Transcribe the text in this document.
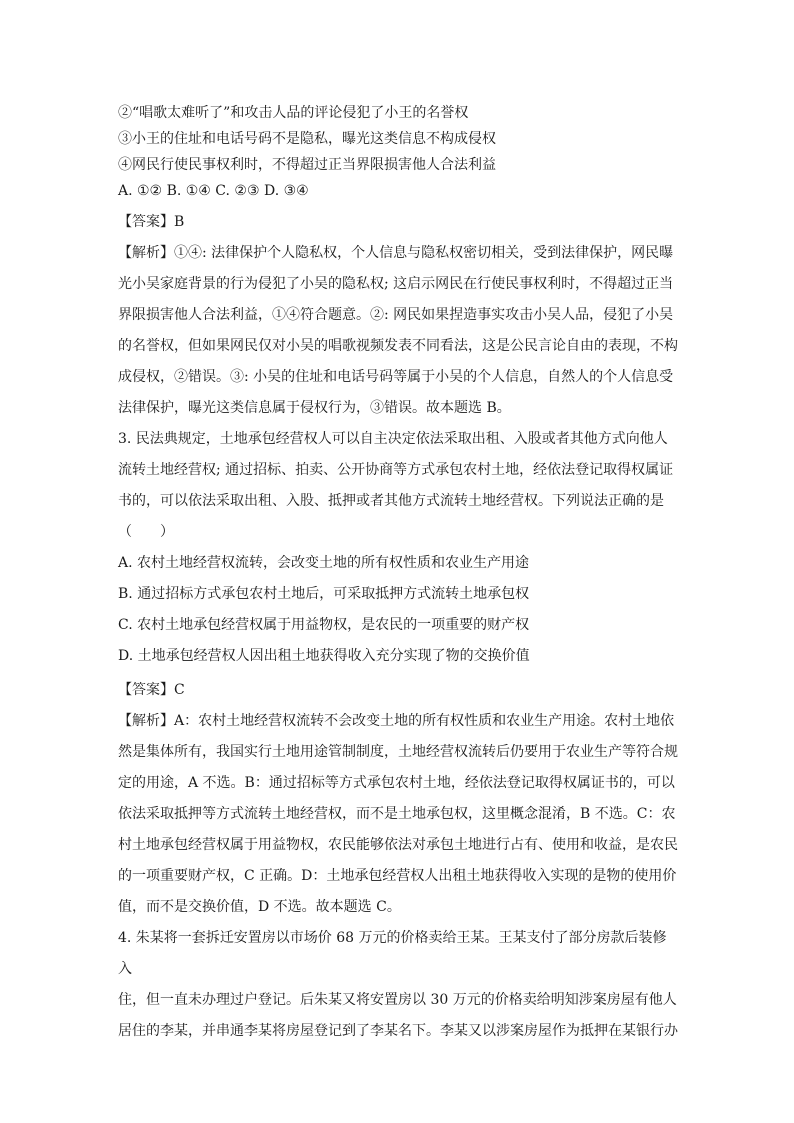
②“唱歌太难听了”和攻击人品的评论侵犯了小王的名誉权

③小王的住址和电话号码不是隐私，曝光这类信息不构成侵权

④网民行使民事权利时，不得超过正当界限损害他人合法利益

A. ①② B. ①④ C. ②③ D. ③④

【答案】B

【解析】①④: 法律保护个人隐私权，个人信息与隐私权密切相关，受到法律保护，网民曝

光小吴家庭背景的行为侵犯了小吴的隐私权; 这启示网民在行使民事权利时，不得超过正当

界限损害他人合法利益，①④符合题意。②: 网民如果捏造事实攻击小吴人品，侵犯了小吴

的名誉权，但如果网民仅对小吴的唱歌视频发表不同看法，这是公民言论自由的表现，不构

成侵权，②错误。③: 小吴的住址和电话号码等属于小吴的个人信息，自然人的个人信息受

法律保护，曝光这类信息属于侵权行为，③错误。故本题选 B。

3. 民法典规定，土地承包经营权人可以自主决定依法采取出租、入股或者其他方式向他人

流转土地经营权; 通过招标、拍卖、公开协商等方式承包农村土地，经依法登记取得权属证

书的，可以依法采取出租、入股、抵押或者其他方式流转土地经营权。下列说法正确的是

（　　）

A. 农村土地经营权流转，会改变土地的所有权性质和农业生产用途

B. 通过招标方式承包农村土地后，可采取抵押方式流转土地承包权

C. 农村土地承包经营权属于用益物权，是农民的一项重要的财产权

D. 土地承包经营权人因出租土地获得收入充分实现了物的交换价值

【答案】C

【解析】A：农村土地经营权流转不会改变土地的所有权性质和农业生产用途。农村土地依

然是集体所有，我国实行土地用途管制制度，土地经营权流转后仍要用于农业生产等符合规

定的用途，A 不选。B：通过招标等方式承包农村土地，经依法登记取得权属证书的，可以

依法采取抵押等方式流转土地经营权，而不是土地承包权，这里概念混淆，B 不选。C：农

村土地承包经营权属于用益物权，农民能够依法对承包土地进行占有、使用和收益，是农民

的一项重要财产权，C 正确。D：土地承包经营权人出租土地获得收入实现的是物的使用价

值，而不是交换价值，D 不选。故本题选 C。

4. 朱某将一套拆迁安置房以市场价 68 万元的价格卖给王某。王某支付了部分房款后装修入

住，但一直未办理过户登记。后朱某又将安置房以 30 万元的价格卖给明知涉案房屋有他人

居住的李某，并串通李某将房屋登记到了李某名下。李某又以涉案房屋作为抵押在某银行办
